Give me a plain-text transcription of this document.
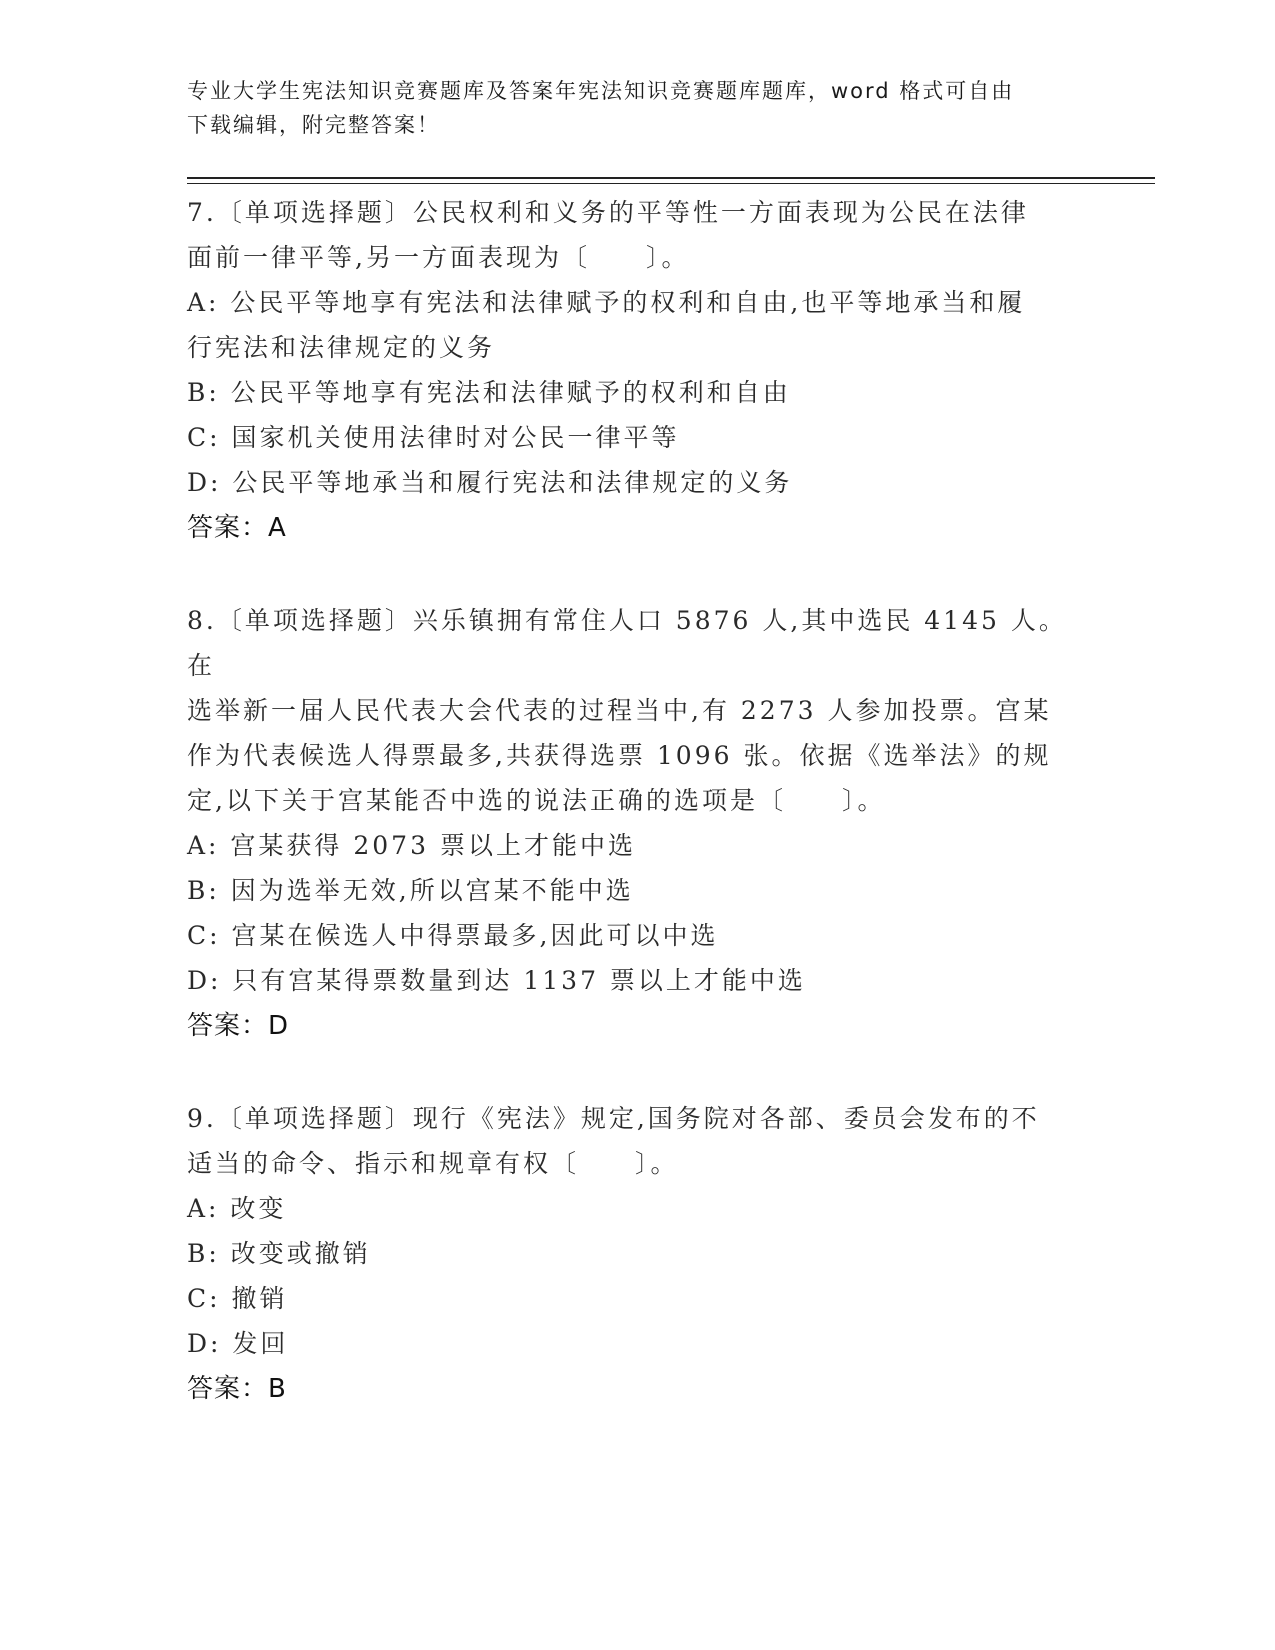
专业大学生宪法知识竞赛题库及答案年宪法知识竞赛题库题库，word 格式可自由
下载编辑，附完整答案！
7.〔单项选择题〕公民权利和义务的平等性一方面表现为公民在法律
面前一律平等,另一方面表现为〔　　〕。
A: 公民平等地享有宪法和法律赋予的权利和自由,也平等地承当和履
行宪法和法律规定的义务
B: 公民平等地享有宪法和法律赋予的权利和自由
C: 国家机关使用法律时对公民一律平等
D: 公民平等地承当和履行宪法和法律规定的义务
答案：A
8.〔单项选择题〕兴乐镇拥有常住人口 5876 人,其中选民 4145 人。在
选举新一届人民代表大会代表的过程当中,有 2273 人参加投票。宫某
作为代表候选人得票最多,共获得选票 1096 张。依据《选举法》的规
定,以下关于宫某能否中选的说法正确的选项是〔　　〕。
A: 宫某获得 2073 票以上才能中选
B: 因为选举无效,所以宫某不能中选
C: 宫某在候选人中得票最多,因此可以中选
D: 只有宫某得票数量到达 1137 票以上才能中选
答案：D
9.〔单项选择题〕现行《宪法》规定,国务院对各部、委员会发布的不
适当的命令、指示和规章有权〔　　〕。
A: 改变
B: 改变或撤销
C: 撤销
D: 发回
答案：B
